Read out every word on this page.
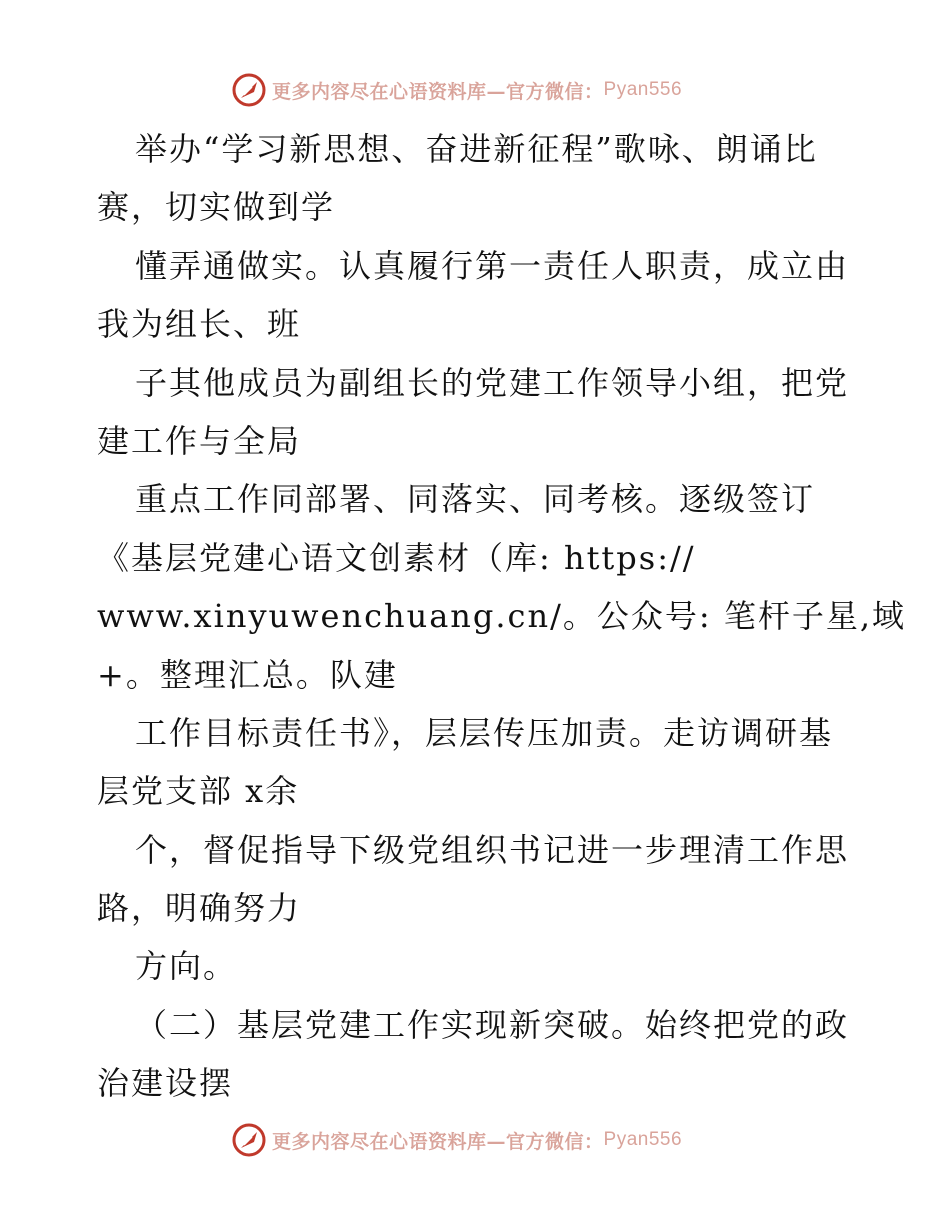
更多内容尽在心语资料库—官方微信： Pyan556
举办“学习新思想、奋进新征程”歌咏、朗诵比
赛，切实做到学
懂弄通做实。认真履行第一责任人职责，成立由
我为组长、班
子其他成员为副组长的党建工作领导小组，把党
建工作与全局
重点工作同部署、同落实、同考核。逐级签订
《基层党建心语文创素材（库: https://
www.xinyuwenchuang.cn/。公众号: 笔杆子星,域
+。整理汇总。队建
工作目标责任书》，层层传压加责。走访调研基
层党支部 x余
个，督促指导下级党组织书记进一步理清工作思
路，明确努力
方向。
（二）基层党建工作实现新突破。始终把党的政
治建设摆
更多内容尽在心语资料库—官方微信： Pyan556
